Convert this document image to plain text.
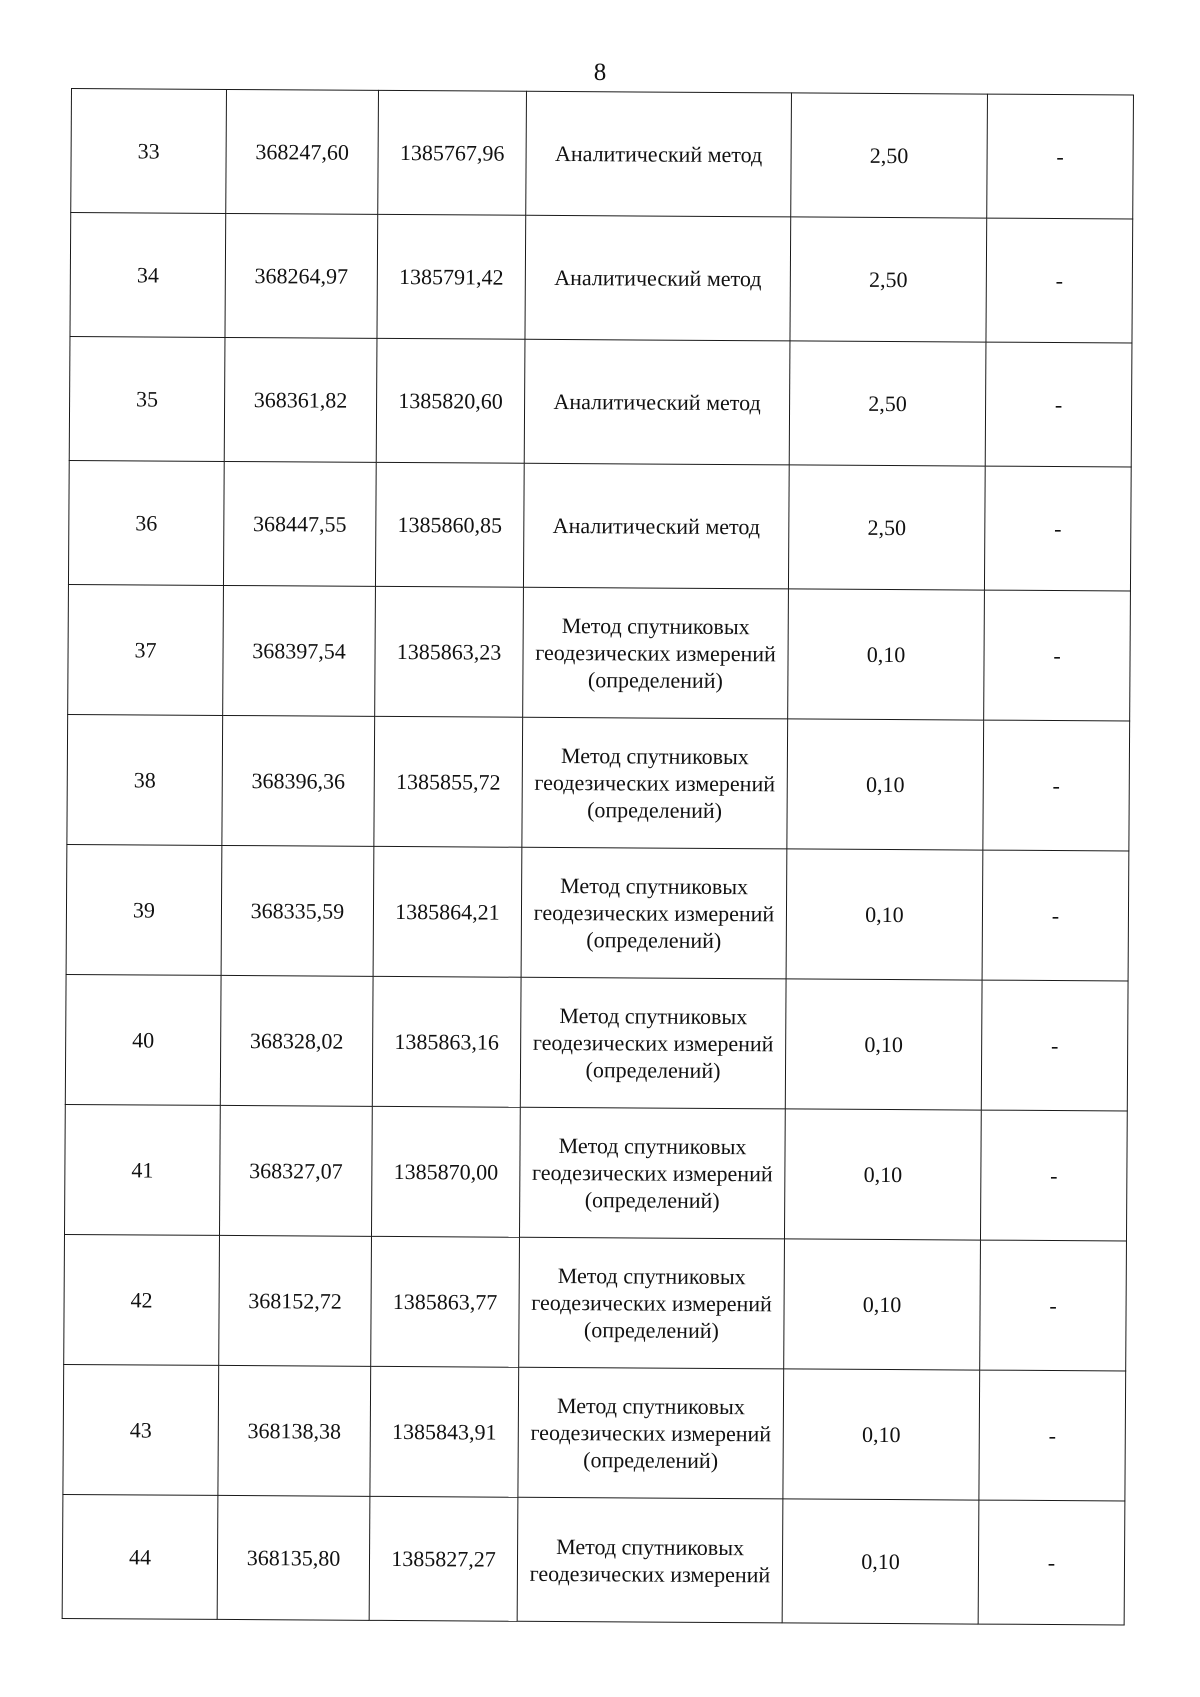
8
33	368247,60	1385767,96	Аналитический метод	2,50	-
34	368264,97	1385791,42	Аналитический метод	2,50	-
35	368361,82	1385820,60	Аналитический метод	2,50	-
36	368447,55	1385860,85	Аналитический метод	2,50	-
37	368397,54	1385863,23	Метод спутниковых геодезических измерений (определений)	0,10	-
38	368396,36	1385855,72	Метод спутниковых геодезических измерений (определений)	0,10	-
39	368335,59	1385864,21	Метод спутниковых геодезических измерений (определений)	0,10	-
40	368328,02	1385863,16	Метод спутниковых геодезических измерений (определений)	0,10	-
41	368327,07	1385870,00	Метод спутниковых геодезических измерений (определений)	0,10	-
42	368152,72	1385863,77	Метод спутниковых геодезических измерений (определений)	0,10	-
43	368138,38	1385843,91	Метод спутниковых геодезических измерений (определений)	0,10	-
44	368135,80	1385827,27	Метод спутниковых геодезических измерений	0,10	-
